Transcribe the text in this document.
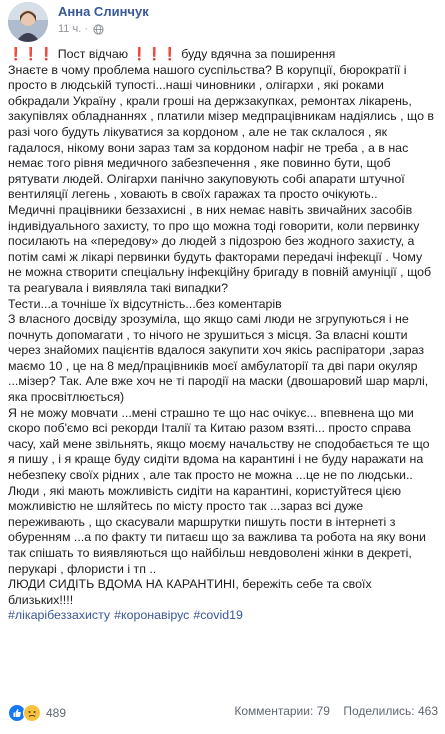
Анна Слинчук
11 ч. ·

❗❗❗ Пост відчаю ❗❗❗ буду вдячна за поширення

Знаєте в чому проблема нашого суспільства? В корупції, бюрократії і просто в людській тупості...наші чиновники , олігархи , які роками обкрадали Україну , крали гроші на держзакупках, ремонтах лікарень, закупівлях обладнаннях , платили мізер медпрацівникам надіялись , що в разі чого будуть лікуватися за кордоном , але не так склалося , як гадалося, нікому вони зараз там за кордоном нафіг не треба , а в нас немає того рівня медичного забезпечення , яке повинно бути, щоб рятувати людей. Олігархи панічно закуповують собі апарати штучної вентиляції легень , ховають в своїх гаражах та просто очікують..

Медичні працівники беззахисні , в них немає навіть звичайних засобів індивідуального захисту, то про що можна тоді говорити, коли первинку посилають на «передову» до людей з підозрою без жодного захисту, а потім самі ж лікарі первинки будуть факторами передачі інфекції . Чому не можна створити спеціальну інфекційну бригаду в повній амуніції , щоб та реагувала і виявляла такі випадки?

Тести...а точніше їх відсутність...без коментарів

З власного досвіду зрозуміла, що якщо самі люди не згрупуються і не почнуть допомагати , то нічого не зрушиться з місця. За власні кошти через знайомих пацієнтів вдалося закупити хоч якісь распіратори ,зараз маємо 10 , це на 8 мед/працівників моєї амбулаторії та дві пари окуляр ...мізер? Так. Але вже хоч не ті пародії на маски (двошаровий шар марлі, яка просвітлюється)

Я не можу мовчати ...мені страшно те що нас очікує... впевнена що ми скоро поб'ємо всі рекорди Італії та Китаю разом взяті... просто справа часу, хай мене звільнять, якщо моєму начальству не сподобається те що я пишу , і я краще буду сидіти вдома на карантині і не буду наражати на небезпеку своїх рідних , але так просто не можна ...це не по людськи..

Люди , які мають можливість сидіти на карантині, користуйтеся цією можливістю не шляйтесь по місту просто так ...зараз всі дуже переживають , що скасували маршрутки пишуть пости в інтернеті з обуренням ...а по факту ти питаєш що за важлива та робота на яку вони так спішать то виявляються що найбільш невдоволені жінки в декреті, перукарі , флористи і тп ..

ЛЮДИ СИДІТЬ ВДОМА НА КАРАНТИНІ, бережіть себе та своїх близьких!!!!

#лікарібеззахисту #коронавірус #covid19
489	Комментарии: 79 Поделились: 463
